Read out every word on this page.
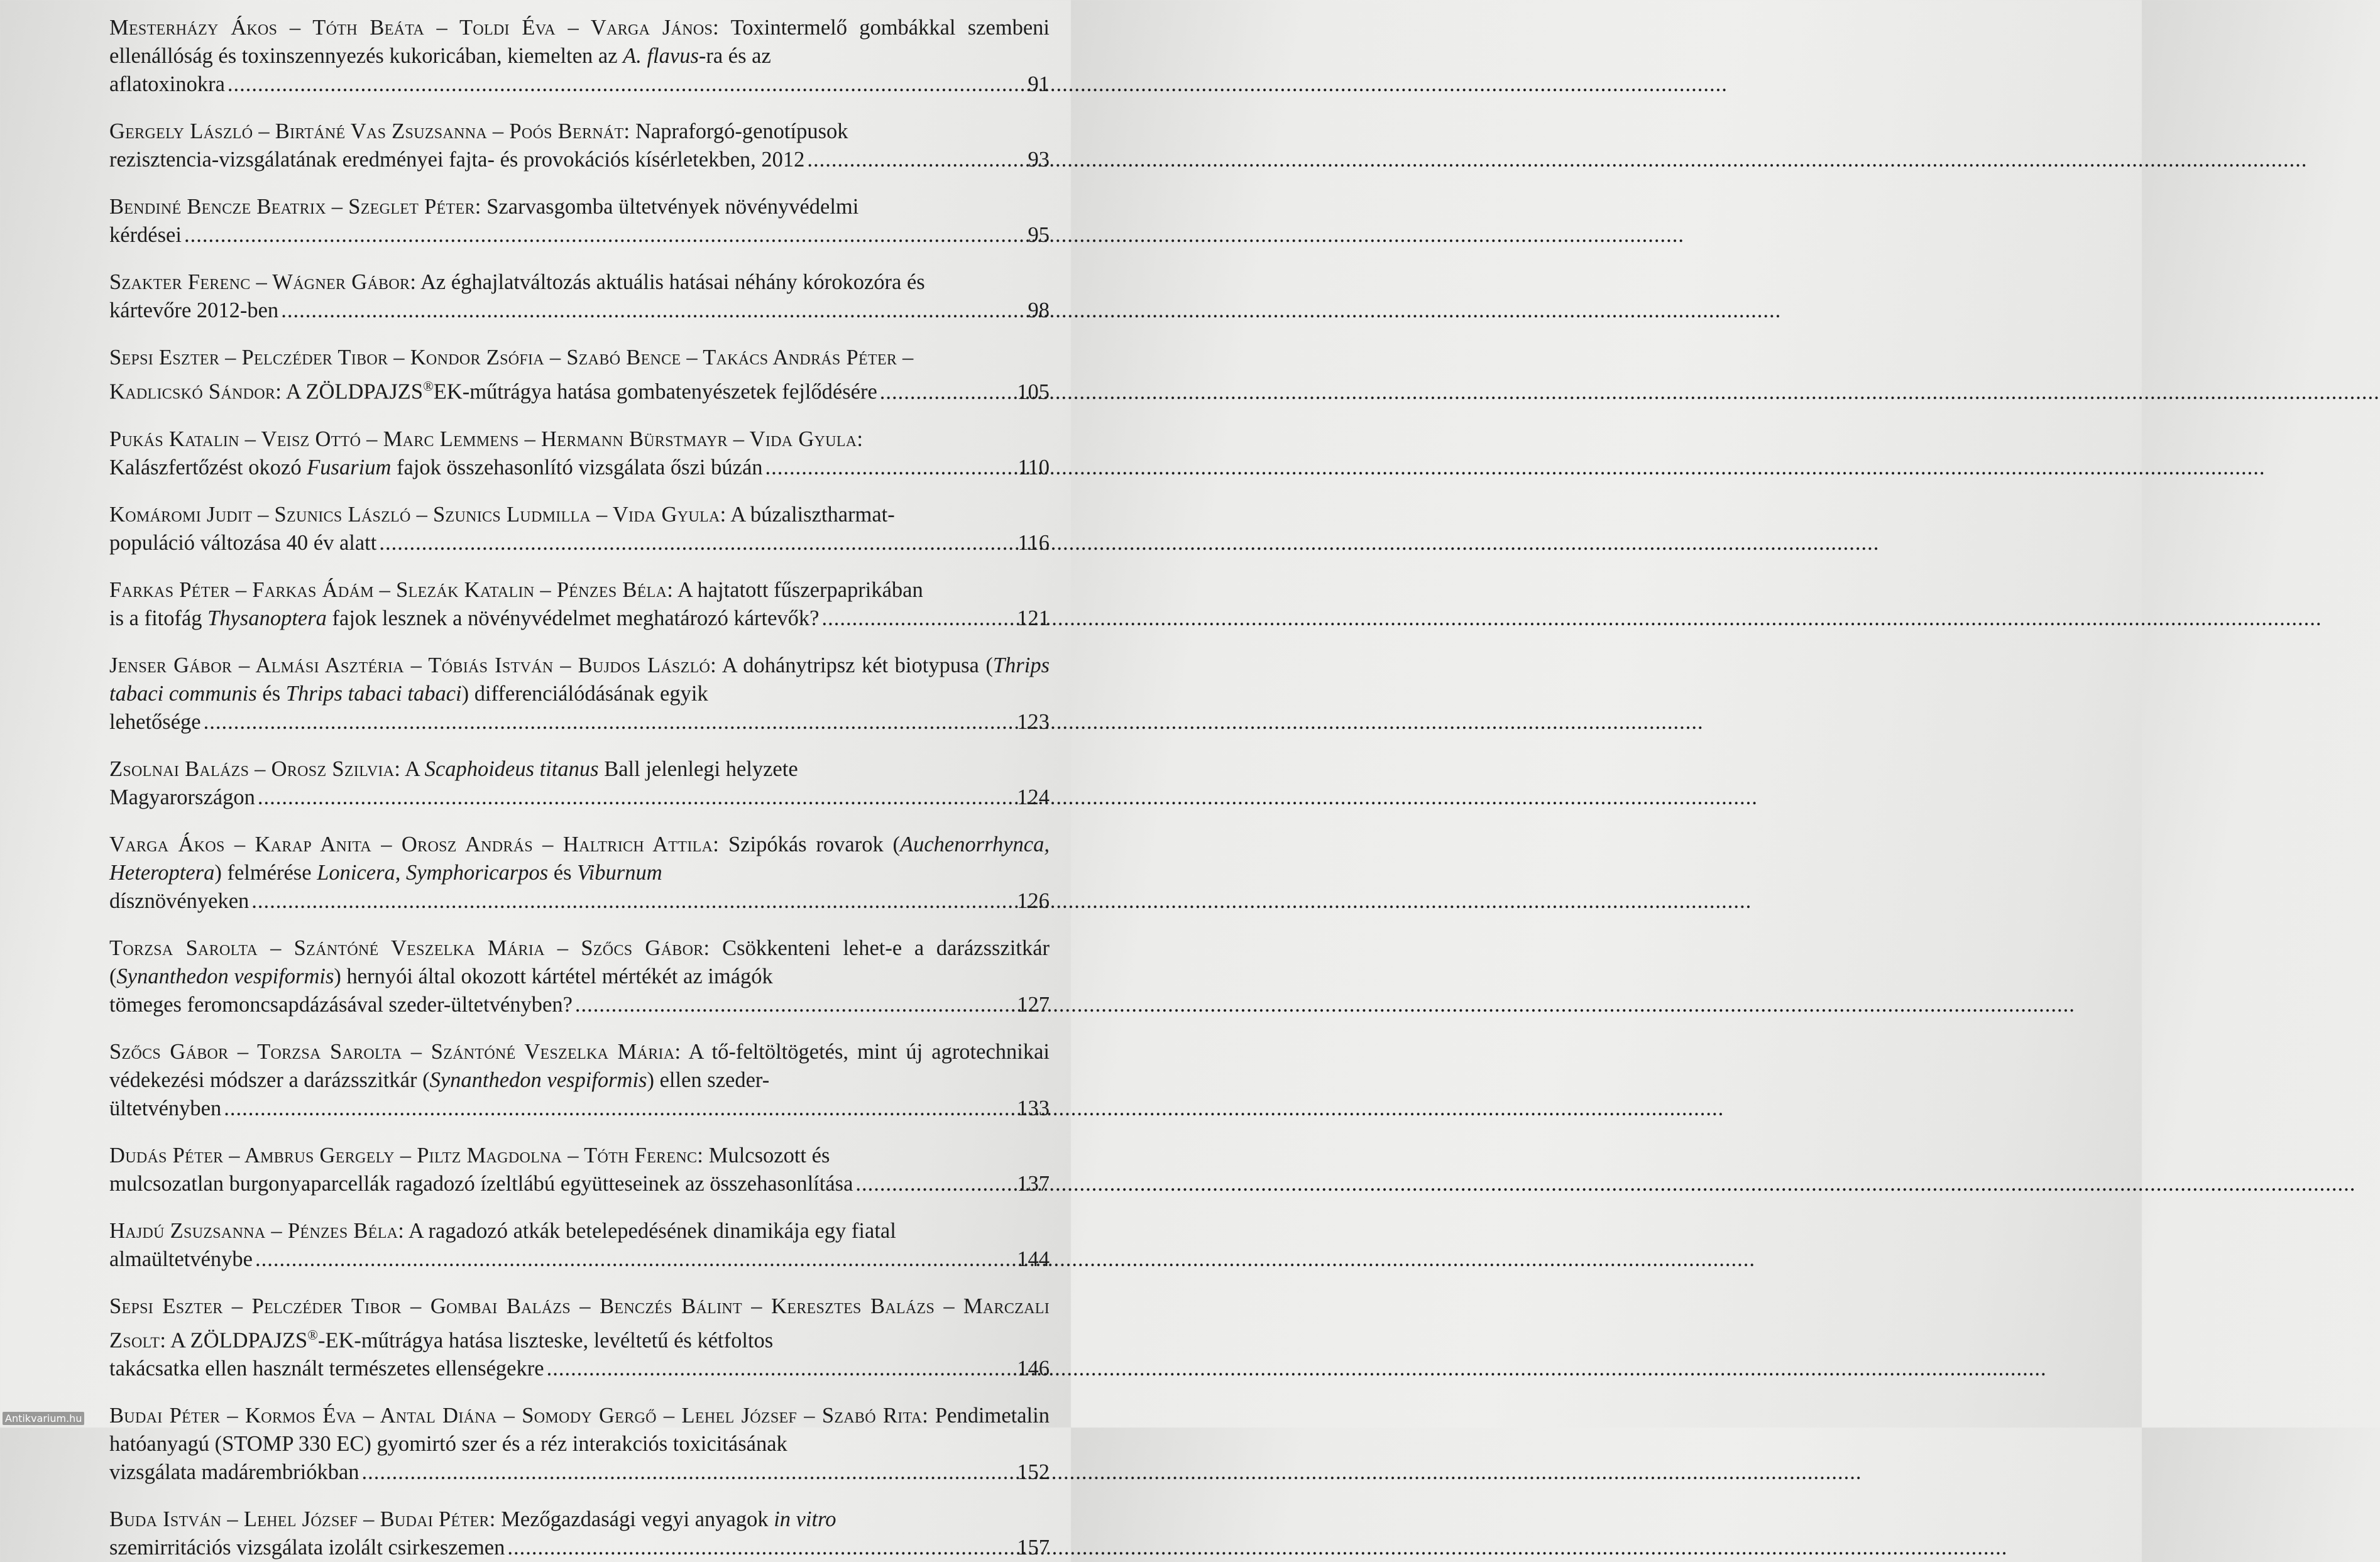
Mesterházy Ákos – Tóth Beáta – Toldi Éva – Varga János: Toxintermelő gombákkal szembeni ellenállóság és toxinszennyezés kukoricában, kiemelten az A. flavus-ra és az
aflatoxinokra .....	91
Gergely László – Birtáné Vas Zsuzsanna – Poós Bernát: Napraforgó-genotípusok
rezisztencia-vizsgálatának eredményei fajta- és provokációs kísérletekben, 2012 .....	93
Bendiné Bencze Beatrix – Szeglet Péter: Szarvasgomba ültetvények növényvédelmi
kérdései .....	95
Szakter Ferenc – Wágner Gábor: Az éghajlatváltozás aktuális hatásai néhány kórokozóra és
kártevőre 2012-ben .....	98
Sepsi Eszter – Pelczéder Tibor – Kondor Zsófia – Szabó Bence – Takács András Péter –
Kadlicskó Sándor: A ZÖLDPAJZS®EK-műtrágya hatása gombatenyészetek fejlődésére .....	105
Pukás Katalin – Veisz Ottó – Marc Lemmens – Hermann Bürstmayr – Vida Gyula:
Kalászfertőzést okozó Fusarium fajok összehasonlító vizsgálata őszi búzán .....	110
Komáromi Judit – Szunics László – Szunics Ludmilla – Vida Gyula: A búzalisztharmat-
populáció változása 40 év alatt .....	116
Farkas Péter – Farkas Ádám – Slezák Katalin – Pénzes Béla: A hajtatott fűszerpaprikában
is a fitofág Thysanoptera fajok lesznek a növényvédelmet meghatározó kártevők? .....	121
Jenser Gábor – Almási Asztéria – Tóbiás István – Bujdos László: A dohánytripsz két biotypusa (Thrips tabaci communis és Thrips tabaci tabaci) differenciálódásának egyik
lehetősége .....	123
Zsolnai Balázs – Orosz Szilvia: A Scaphoideus titanus Ball jelenlegi helyzete
Magyarországon .....	124
Varga Ákos – Karap Anita – Orosz András – Haltrich Attila: Szipókás rovarok (Auchenorrhynca, Heteroptera) felmérése Lonicera, Symphoricarpos és Viburnum
dísznövényeken .....	126
Torzsa Sarolta – Szántóné Veszelka Mária – Szőcs Gábor: Csökkenteni lehet-e a darázsszitkár (Synanthedon vespiformis) hernyói által okozott kártétel mértékét az imágók
tömeges feromoncsapdázásával szeder-ültetvényben? .....	127
Szőcs Gábor – Torzsa Sarolta – Szántóné Veszelka Mária: A tő-feltöltögetés, mint új agrotechnikai védekezési módszer a darázsszitkár (Synanthedon vespiformis) ellen szeder-
ültetvényben .....	133
Dudás Péter – Ambrus Gergely – Piltz Magdolna – Tóth Ferenc: Mulcsozott és
mulcsozatlan burgonyaparcellák ragadozó ízeltlábú együtteseinek az összehasonlítása .....	137
Hajdú Zsuzsanna – Pénzes Béla: A ragadozó atkák betelepedésének dinamikája egy fiatal
almaültetvénybe .....	144
Sepsi Eszter – Pelczéder Tibor – Gombai Balázs – Benczés Bálint – Keresztes Balázs – Marczali Zsolt: A ZÖLDPAJZS®-EK-műtrágya hatása liszteske, levéltetű és kétfoltos
takácsatka ellen használt természetes ellenségekre .....	146
Budai Péter – Kormos Éva – Antal Diána – Somody Gergő – Lehel József – Szabó Rita: Pendimetalin hatóanyagú (STOMP 330 EC) gyomirtó szer és a réz interakciós toxicitásának
vizsgálata madárembriókban .....	152
Buda István – Lehel József – Budai Péter: Mezőgazdasági vegyi anyagok in vitro
szemirritációs vizsgálata izolált csirkeszemen .....	157
Antikvarium.hu
